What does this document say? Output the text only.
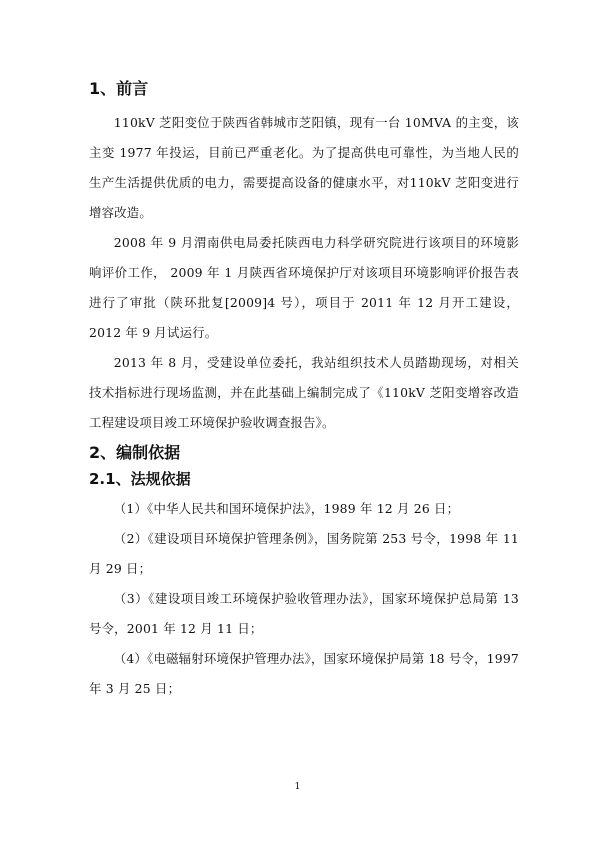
1、前言

110kV 芝阳变位于陕西省韩城市芝阳镇，现有一台 10MVA 的主变，该主变 1977 年投运，目前已严重老化。为了提高供电可靠性，为当地人民的生产生活提供优质的电力，需要提高设备的健康水平，对110kV 芝阳变进行增容改造。

2008 年 9 月渭南供电局委托陕西电力科学研究院进行该项目的环境影响评价工作， 2009 年 1 月陕西省环境保护厅对该项目环境影响评价报告表进行了审批（陕环批复[2009]4 号），项目于 2011 年 12 月开工建设，2012 年 9 月试运行。

2013 年 8 月，受建设单位委托，我站组织技术人员踏勘现场，对相关技术指标进行现场监测，并在此基础上编制完成了《110kV 芝阳变增容改造工程建设项目竣工环境保护验收调查报告》。

2、编制依据

2.1、法规依据

（1）《中华人民共和国环境保护法》，1989 年 12 月 26 日；

（2）《建设项目环境保护管理条例》，国务院第 253 号令，1998 年 11 月 29 日；

（3）《建设项目竣工环境保护验收管理办法》，国家环境保护总局第 13 号令，2001 年 12 月 11 日；

（4）《电磁辐射环境保护管理办法》，国家环境保护局第 18 号令，1997 年 3 月 25 日；

1
